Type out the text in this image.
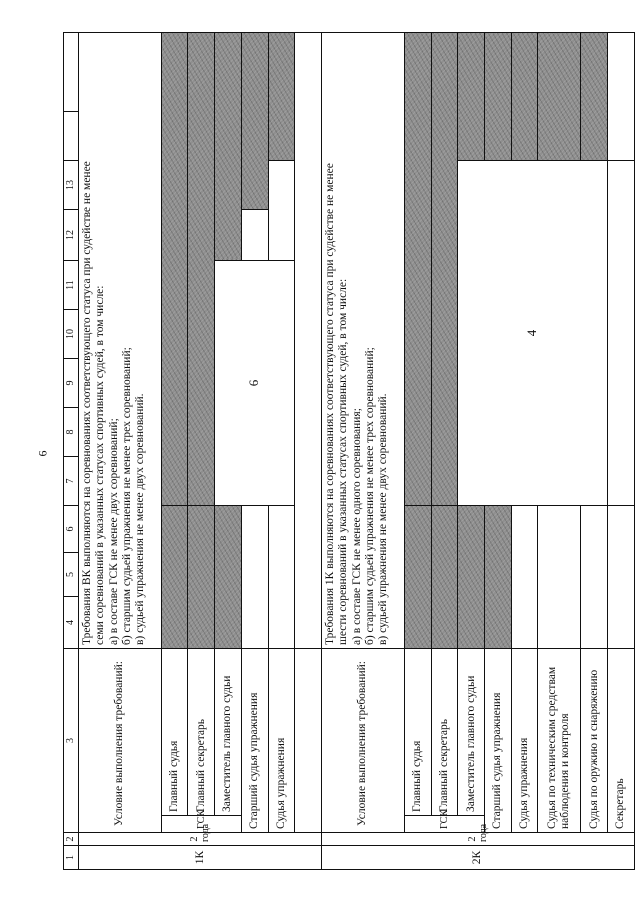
6
1	2	3		4	5	6	7	8	9	10	11	12	13		
1К	2 года	Условие выполнения требований:		Требования ВК выполняются на соревнованиях соответствующего статуса при судействе не менее семи соревнований в указанных статусах спортивных судей, в том числе: а) в составе ГСК не менее двух соревнований; б) старшим судьей упражнения не менее трех соревнований; в) судьей упражнения не менее двух соревнований.											

		ГСК	Главный судья												
			Главный секретарь												
			Заместитель главного судьи				6								
		Старший судья упражнения													
		Судья упражнения													

2К	2 года	Условие выполнения требований:		Требования 1К выполняются на соревнованиях соответствующего статуса при судействе не менее шести соревнований в указанных статусах спортивных судей, в том числе: а) в составе ГСК не менее одного соревнования; б) старшим судьей упражнения не менее трех соревнований; в) судьей упражнения не менее двух соревнований.											

		ГСК	Главный судья												
			Главный секретарь												
			Заместитель главного судьи				4								
		Старший судья упражнения													
		Судья упражнения													
		Судья по техническим средствам наблюдения и контроля													
		Судья по оружию и снаряжению													
		Секретарь													
